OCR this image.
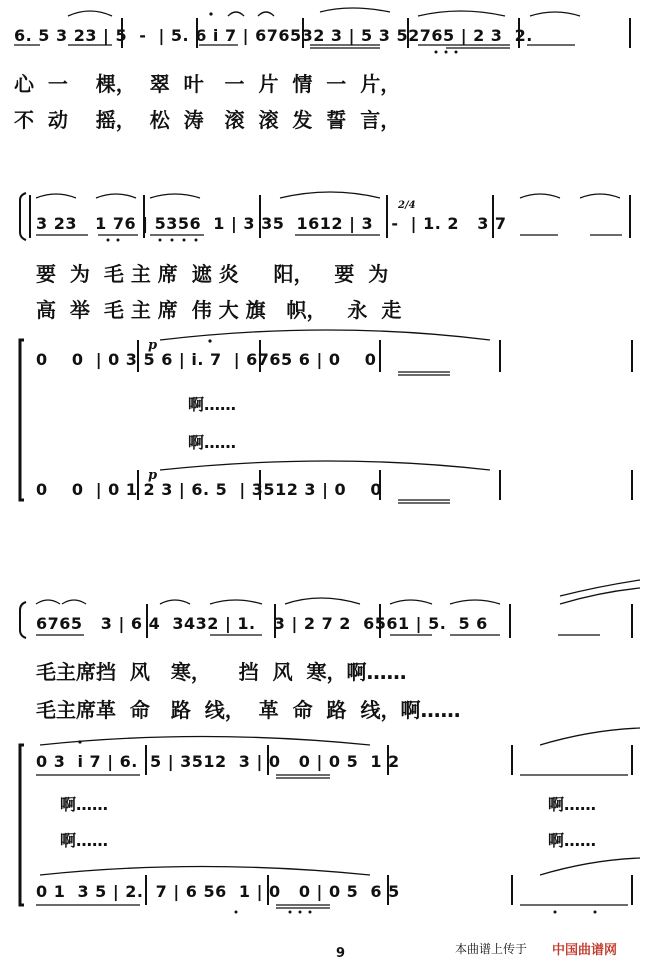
6. 5 3 23 | 5  -  | 5. 6 i 7 | 676532 3 | 5 3 52765 | 2 3  2.
心  一    棵，  翠  叶   一  片  情  一  片，
不  动    摇，  松  涛   滚  滚  发  誓  言，
3 23   1 76 | 5356  1 | 3 35  1612 | 3   -  | 1. 2   3 7
2/4
要  为  毛 主 席  遮 炎     阳，   要  为
高  举  毛 主 席  伟 大 旗   帜，   永  走
p
0    0  | 0 3 5 6 | i. 7  | 6765 6 | 0    0
啊……
啊……
p
0    0  | 0 1 2 3 | 6. 5  | 3512 3 | 0    0
6765   3 | 6 4  3432 | 1.   3 | 2 7 2  6561 | 5.  5 6
毛主席挡  风   寒，    挡  风  寒，啊……
毛主席革  命   路  线，  革  命  路  线，啊……
0 3  i 7 | 6.  5 | 3512  3 | 0   0 | 0 5  1 2
啊……	啊……
啊……	啊……
0 1  3 5 | 2.  7 | 6 56  1 | 0   0 | 0 5  6 5
9	本曲谱上传于 中国曲谱网
